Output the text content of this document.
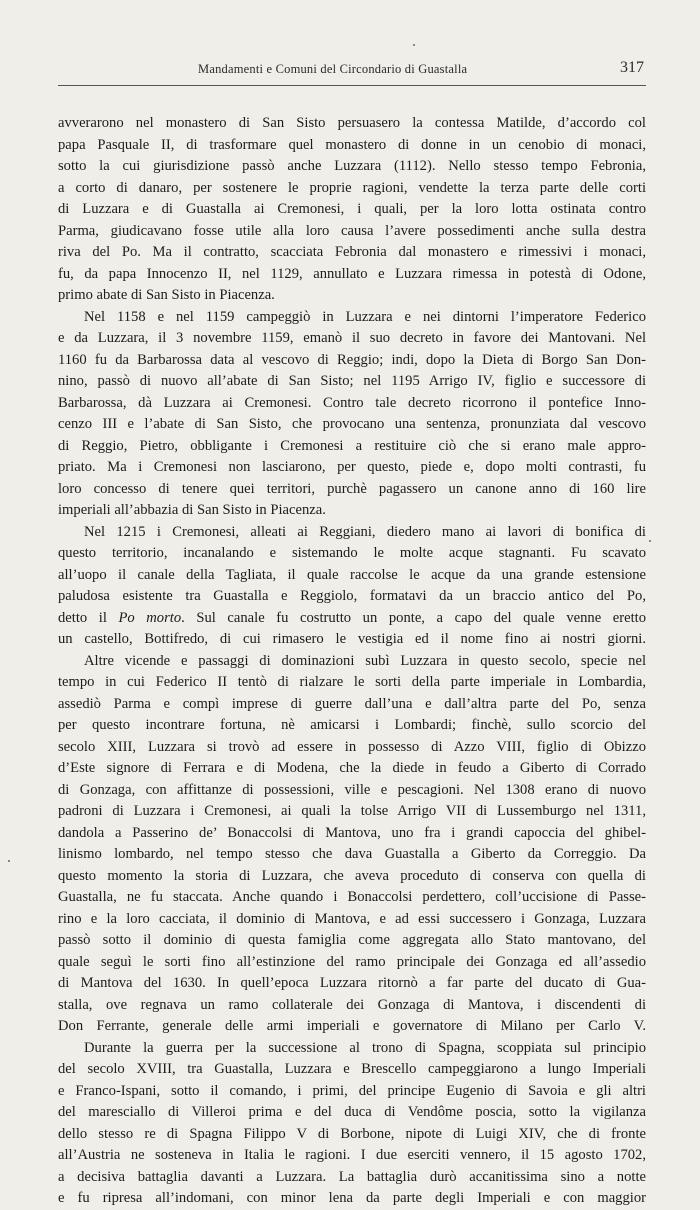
Mandamenti e Comuni del Circondario di Guastalla	317
avverarono nel monastero di San Sisto persuasero la contessa Matilde, d’accordo col
papa Pasquale II, di trasformare quel monastero di donne in un cenobio di monaci,
sotto la cui giurisdizione passò anche Luzzara (1112). Nello stesso tempo Febronia,
a corto di danaro, per sostenere le proprie ragioni, vendette la terza parte delle corti
di Luzzara e di Guastalla ai Cremonesi, i quali, per la loro lotta ostinata contro
Parma, giudicavano fosse utile alla loro causa l’avere possedimenti anche sulla destra
riva del Po. Ma il contratto, scacciata Febronia dal monastero e rimessivi i monaci,
fu, da papa Innocenzo II, nel 1129, annullato e Luzzara rimessa in potestà di Odone,
primo abate di San Sisto in Piacenza.
Nel 1158 e nel 1159 campeggiò in Luzzara e nei dintorni l’imperatore Federico
e da Luzzara, il 3 novembre 1159, emanò il suo decreto in favore dei Mantovani. Nel
1160 fu da Barbarossa data al vescovo di Reggio; indi, dopo la Dieta di Borgo San Don-
nino, passò di nuovo all’abate di San Sisto; nel 1195 Arrigo IV, figlio e successore di
Barbarossa, dà Luzzara ai Cremonesi. Contro tale decreto ricorrono il pontefice Inno-
cenzo III e l’abate di San Sisto, che provocano una sentenza, pronunziata dal vescovo
di Reggio, Pietro, obbligante i Cremonesi a restituire ciò che si erano male appro-
priato. Ma i Cremonesi non lasciarono, per questo, piede e, dopo molti contrasti, fu
loro concesso di tenere quei territori, purchè pagassero un canone anno di 160 lire
imperiali all’abbazia di San Sisto in Piacenza.
Nel 1215 i Cremonesi, alleati ai Reggiani, diedero mano ai lavori di bonifica di
questo territorio, incanalando e sistemando le molte acque stagnanti. Fu scavato
all’uopo il canale della Tagliata, il quale raccolse le acque da una grande estensione
paludosa esistente tra Guastalla e Reggiolo, formatavi da un braccio antico del Po,
detto il Po morto. Sul canale fu costrutto un ponte, a capo del quale venne eretto
un castello, Bottifredo, di cui rimasero le vestigia ed il nome fino ai nostri giorni.
Altre vicende e passaggi di dominazioni subì Luzzara in questo secolo, specie nel
tempo in cui Federico II tentò di rialzare le sorti della parte imperiale in Lombardia,
assediò Parma e compì imprese di guerre dall’una e dall’altra parte del Po, senza
per questo incontrare fortuna, nè amicarsi i Lombardi; finchè, sullo scorcio del
secolo XIII, Luzzara si trovò ad essere in possesso di Azzo VIII, figlio di Obizzo
d’Este signore di Ferrara e di Modena, che la diede in feudo a Giberto di Corrado
di Gonzaga, con affittanze di possessioni, ville e pescagioni. Nel 1308 erano di nuovo
padroni di Luzzara i Cremonesi, ai quali la tolse Arrigo VII di Lussemburgo nel 1311,
dandola a Passerino de’ Bonaccolsi di Mantova, uno fra i grandi capoccia del ghibel-
linismo lombardo, nel tempo stesso che dava Guastalla a Giberto da Correggio. Da
questo momento la storia di Luzzara, che aveva proceduto di conserva con quella di
Guastalla, ne fu staccata. Anche quando i Bonaccolsi perdettero, coll’uccisione di Passe-
rino e la loro cacciata, il dominio di Mantova, e ad essi successero i Gonzaga, Luzzara
passò sotto il dominio di questa famiglia come aggregata allo Stato mantovano, del
quale seguì le sorti fino all’estinzione del ramo principale dei Gonzaga ed all’assedio
di Mantova del 1630. In quell’epoca Luzzara ritornò a far parte del ducato di Gua-
stalla, ove regnava un ramo collaterale dei Gonzaga di Mantova, i discendenti di
Don Ferrante, generale delle armi imperiali e governatore di Milano per Carlo V.
Durante la guerra per la successione al trono di Spagna, scoppiata sul principio
del secolo XVIII, tra Guastalla, Luzzara e Brescello campeggiarono a lungo Imperiali
e Franco-Ispani, sotto il comando, i primi, del principe Eugenio di Savoia e gli altri
del maresciallo di Villeroi prima e del duca di Vendôme poscia, sotto la vigilanza
dello stesso re di Spagna Filippo V di Borbone, nipote di Luigi XIV, che di fronte
all’Austria ne sosteneva in Italia le ragioni. I due eserciti vennero, il 15 agosto 1702,
a decisiva battaglia davanti a Luzzara. La battaglia durò accanitissima sino a notte
e fu ripresa all’indomani, con minor lena da parte degli Imperiali e con maggior
